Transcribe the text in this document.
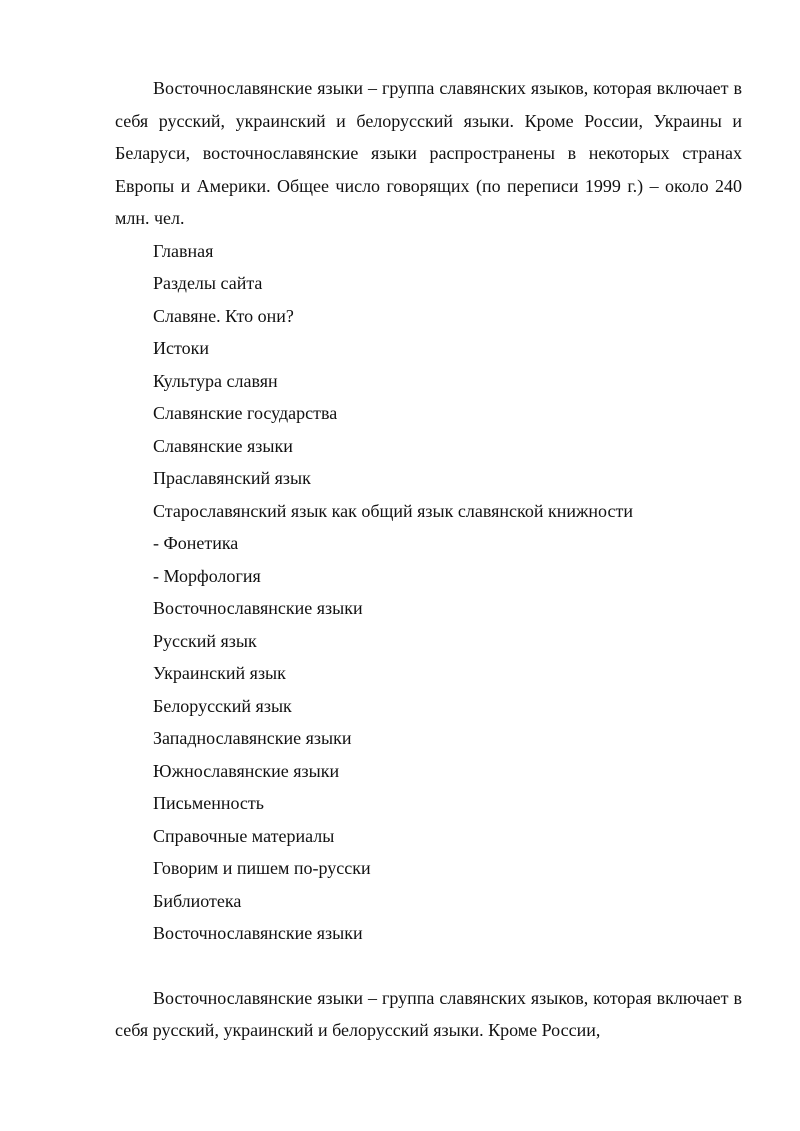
Восточнославянские языки – группа славянских языков, которая включает в себя русский, украинский и белорусский языки. Кроме России, Украины и Беларуси, восточнославянские языки распространены в некоторых странах Европы и Америки. Общее число говорящих (по переписи 1999 г.) – около 240 млн. чел.

Главная
Разделы сайта
Славяне. Кто они?
Истоки
Культура славян
Славянские государства
Славянские языки
Праславянский язык
Старославянский язык как общий язык славянской книжности
- Фонетика
- Морфология
Восточнославянские языки
Русский язык
Украинский язык
Белорусский язык
Западнославянские языки
Южнославянские языки
Письменность
Справочные материалы
Говорим и пишем по-русски
Библиотека
Восточнославянские языки

Восточнославянские языки – группа славянских языков, которая включает в себя русский, украинский и белорусский языки. Кроме России,
